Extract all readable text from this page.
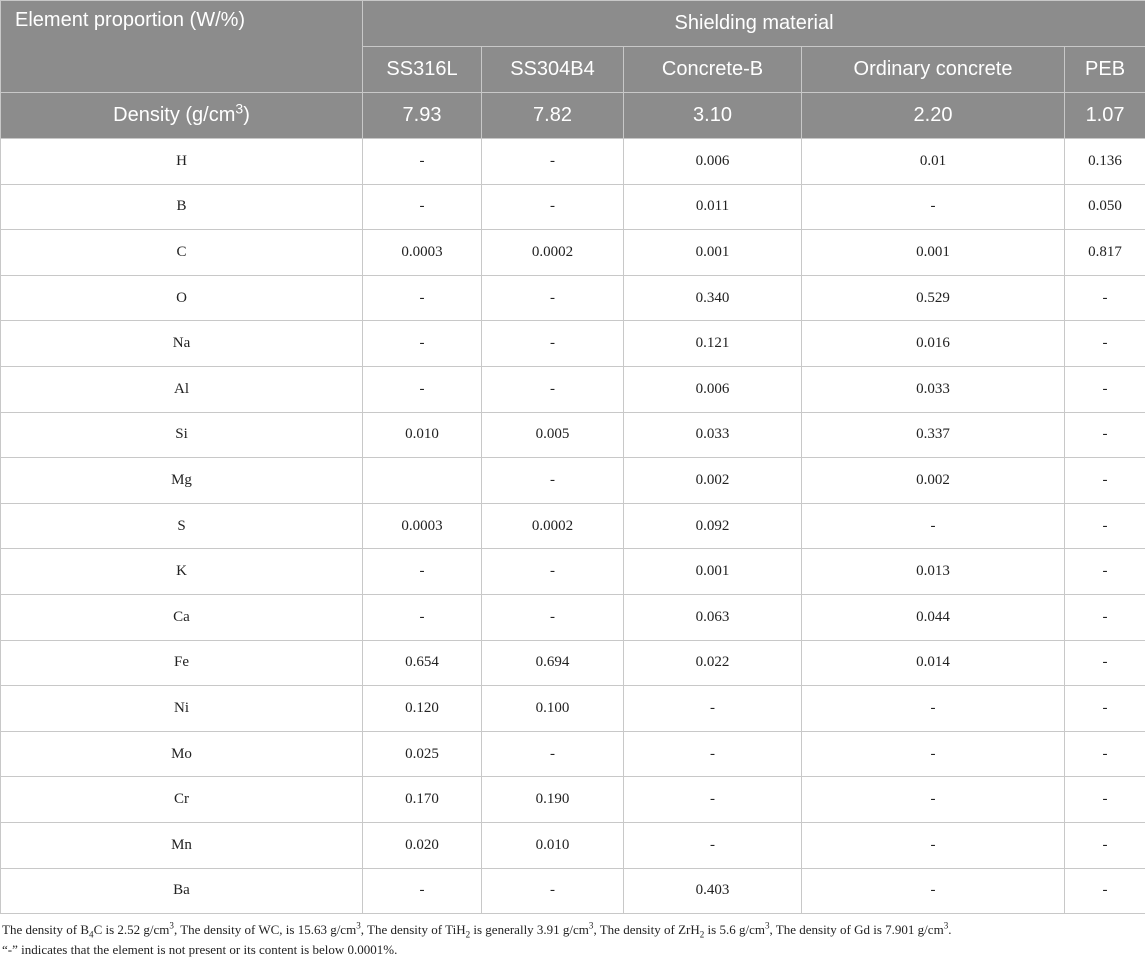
Element proportion (W/%)	Shielding material				
	SS316L	SS304B4	Concrete-B	Ordinary concrete	PEB
Density $(g/cm^3)$	7.93	7.82	3.10	2.20	1.07
H	-	-	0.006	0.01	0.136
B	-	-	0.011	-	0.050
C	0.0003	0.0002	0.001	0.001	0.817
O	-	-	0.340	0.529	-
Na	-	-	0.121	0.016	-
Al	-	-	0.006	0.033	-
Si	0.010	0.005	0.033	0.337	-
Mg		-	0.002	0.002	-
S	0.0003	0.0002	0.092	-	-
K	-	-	0.001	0.013	-
Ca	-	-	0.063	0.044	-
Fe	0.654	0.694	0.022	0.014	-
Ni	0.120	0.100	-	-	-
Mo	0.025	-	-	-	-
Cr	0.170	0.190	-	-	-
Mn	0.020	0.010	-	-	-
Ba	-	-	0.403	-	-
The density of $B_4C$ is 2.52 $g/cm^3$, The density of WC, is 15.63 $g/cm^3$, The density of TiH$_2$ is generally 3.91 $g/cm^3$, The density of ZrH$_2$ is 5.6 $g/cm^3$, The density of Gd is 7.901 $g/cm^3$.
“-” indicates that the element is not present or its content is below 0.0001%.
